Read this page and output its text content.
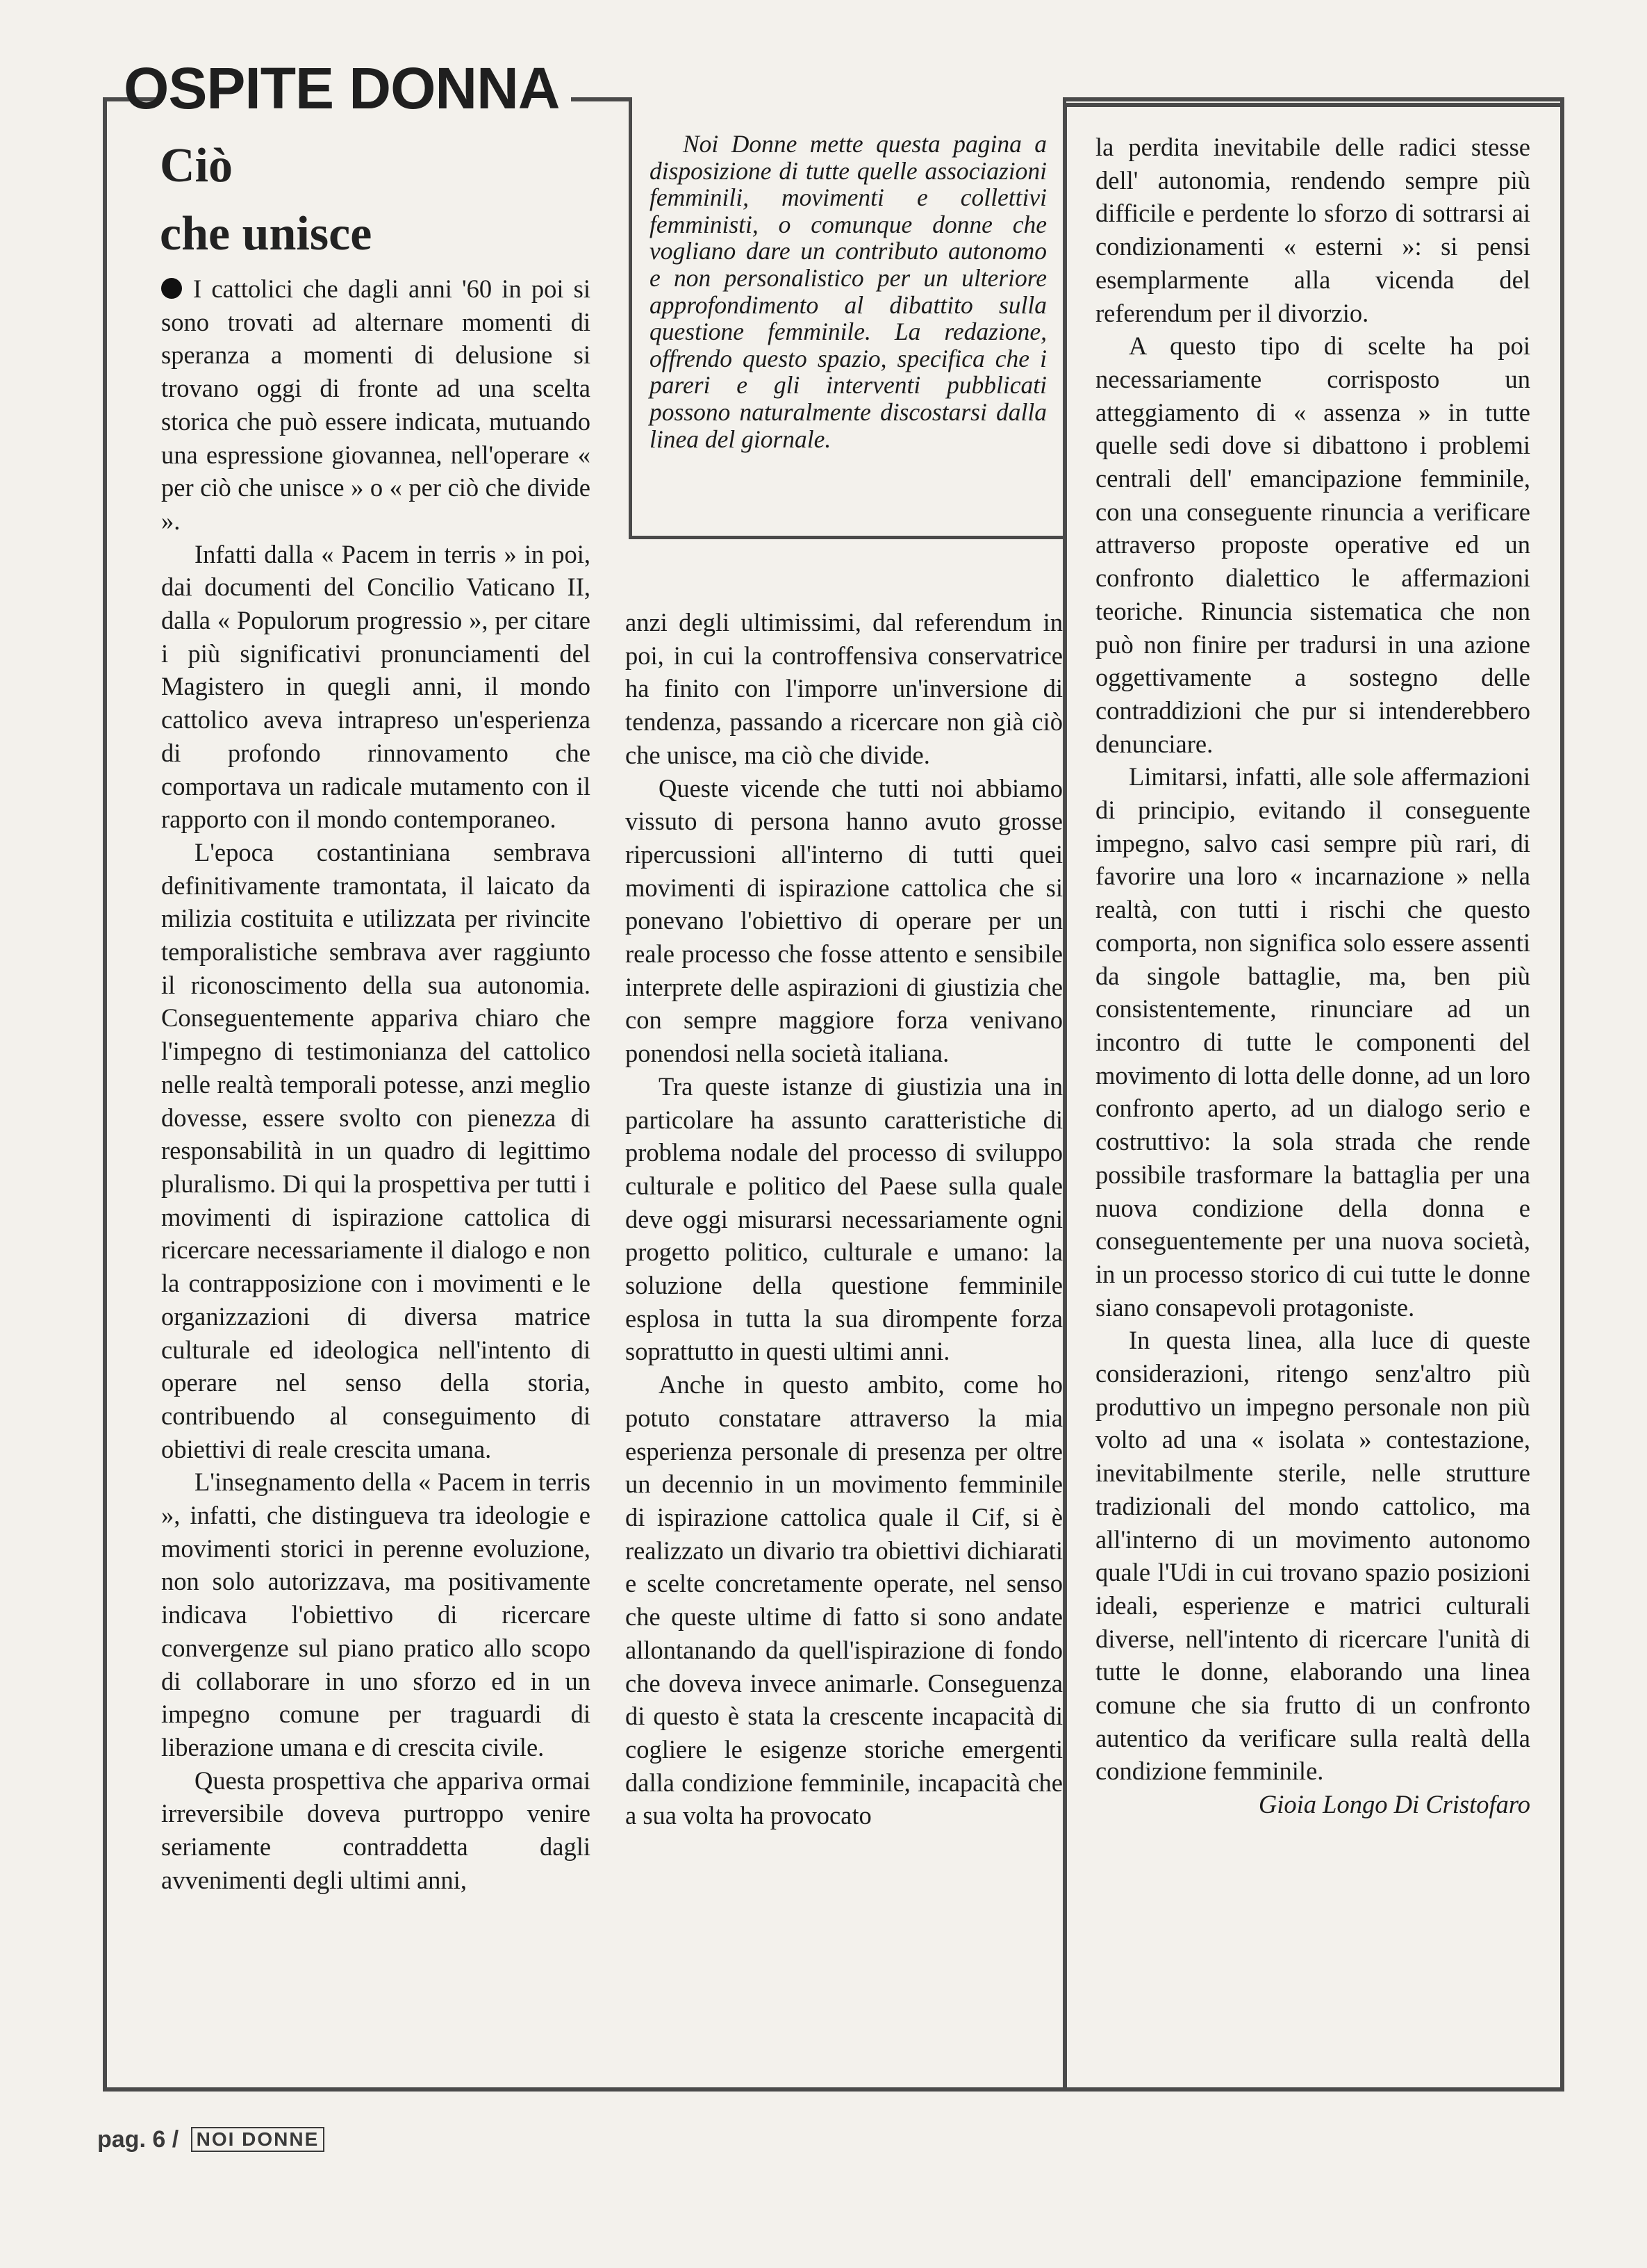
OSPITE DONNA
Ciò
che unisce

I cattolici che dagli anni '60 in poi si sono trovati ad alternare momenti di speranza a momenti di delusione si trovano oggi di fronte ad una scelta storica che può essere indicata, mutuando una espressione giovannea, nell'operare « per ciò che unisce » o « per ciò che divide ».

Infatti dalla « Pacem in terris » in poi, dai documenti del Concilio Vaticano II, dalla « Populorum progressio », per citare i più significativi pronunciamenti del Magistero in quegli anni, il mondo cattolico aveva intrapreso un'esperienza di profondo rinnovamento che comportava un radicale mutamento con il rapporto con il mondo contemporaneo.

L'epoca costantiniana sembrava definitivamente tramontata, il laicato da milizia costituita e utilizzata per rivincite temporalistiche sembrava aver raggiunto il riconoscimento della sua autonomia. Conseguentemente appariva chiaro che l'impegno di testimonianza del cattolico nelle realtà temporali potesse, anzi meglio dovesse, essere svolto con pienezza di responsabilità in un quadro di legittimo pluralismo. Di qui la prospettiva per tutti i movimenti di ispirazione cattolica di ricercare necessariamente il dialogo e non la contrapposizione con i movimenti e le organizzazioni di diversa matrice culturale ed ideologica nell'intento di operare nel senso della storia, contribuendo al conseguimento di obiettivi di reale crescita umana.

L'insegnamento della « Pacem in terris », infatti, che distingueva tra ideologie e movimenti storici in perenne evoluzione, non solo autorizzava, ma positivamente indicava l'obiettivo di ricercare convergenze sul piano pratico allo scopo di collaborare in uno sforzo ed in un impegno comune per traguardi di liberazione umana e di crescita civile.

Questa prospettiva che appariva ormai irreversibile doveva purtroppo venire seriamente contraddetta dagli avvenimenti degli ultimi anni,

Noi Donne mette questa pagina a disposizione di tutte quelle associazioni femminili, movimenti e collettivi femministi, o comunque donne che vogliano dare un contributo autonomo e non personalistico per un ulteriore approfondimento al dibattito sulla questione femminile. La redazione, offrendo questo spazio, specifica che i pareri e gli interventi pubblicati possono naturalmente discostarsi dalla linea del giornale.

anzi degli ultimissimi, dal referendum in poi, in cui la controffensiva conservatrice ha finito con l'imporre un'inversione di tendenza, passando a ricercare non già ciò che unisce, ma ciò che divide.

Queste vicende che tutti noi abbiamo vissuto di persona hanno avuto grosse ripercussioni all'interno di tutti quei movimenti di ispirazione cattolica che si ponevano l'obiettivo di operare per un reale processo che fosse attento e sensibile interprete delle aspirazioni di giustizia che con sempre maggiore forza venivano ponendosi nella società italiana.

Tra queste istanze di giustizia una in particolare ha assunto caratteristiche di problema nodale del processo di sviluppo culturale e politico del Paese sulla quale deve oggi misurarsi necessariamente ogni progetto politico, culturale e umano: la soluzione della questione femminile esplosa in tutta la sua dirompente forza soprattutto in questi ultimi anni.

Anche in questo ambito, come ho potuto constatare attraverso la mia esperienza personale di presenza per oltre un decennio in un movimento femminile di ispirazione cattolica quale il Cif, si è realizzato un divario tra obiettivi dichiarati e scelte concretamente operate, nel senso che queste ultime di fatto si sono andate allontanando da quell'ispirazione di fondo che doveva invece animarle. Conseguenza di questo è stata la crescente incapacità di cogliere le esigenze storiche emergenti dalla condizione femminile, incapacità che a sua volta ha provocato

la perdita inevitabile delle radici stesse dell' autonomia, rendendo sempre più difficile e perdente lo sforzo di sottrarsi ai condizionamenti « esterni »: si pensi esemplarmente alla vicenda del referendum per il divorzio.

A questo tipo di scelte ha poi necessariamente corrisposto un atteggiamento di « assenza » in tutte quelle sedi dove si dibattono i problemi centrali dell' emancipazione femminile, con una conseguente rinuncia a verificare attraverso proposte operative ed un confronto dialettico le affermazioni teoriche. Rinuncia sistematica che non può non finire per tradursi in una azione oggettivamente a sostegno delle contraddizioni che pur si intenderebbero denunciare.

Limitarsi, infatti, alle sole affermazioni di principio, evitando il conseguente impegno, salvo casi sempre più rari, di favorire una loro « incarnazione » nella realtà, con tutti i rischi che questo comporta, non significa solo essere assenti da singole battaglie, ma, ben più consistentemente, rinunciare ad un incontro di tutte le componenti del movimento di lotta delle donne, ad un loro confronto aperto, ad un dialogo serio e costruttivo: la sola strada che rende possibile trasformare la battaglia per una nuova condizione della donna e conseguentemente per una nuova società, in un processo storico di cui tutte le donne siano consapevoli protagoniste.

In questa linea, alla luce di queste considerazioni, ritengo senz'altro più produttivo un impegno personale non più volto ad una « isolata » contestazione, inevitabilmente sterile, nelle strutture tradizionali del mondo cattolico, ma all'interno di un movimento autonomo quale l'Udi in cui trovano spazio posizioni ideali, esperienze e matrici culturali diverse, nell'intento di ricercare l'unità di tutte le donne, elaborando una linea comune che sia frutto di un confronto autentico da verificare sulla realtà della condizione femminile.

Gioia Longo Di Cristofaro

pag. 6 / NOI DONNE
